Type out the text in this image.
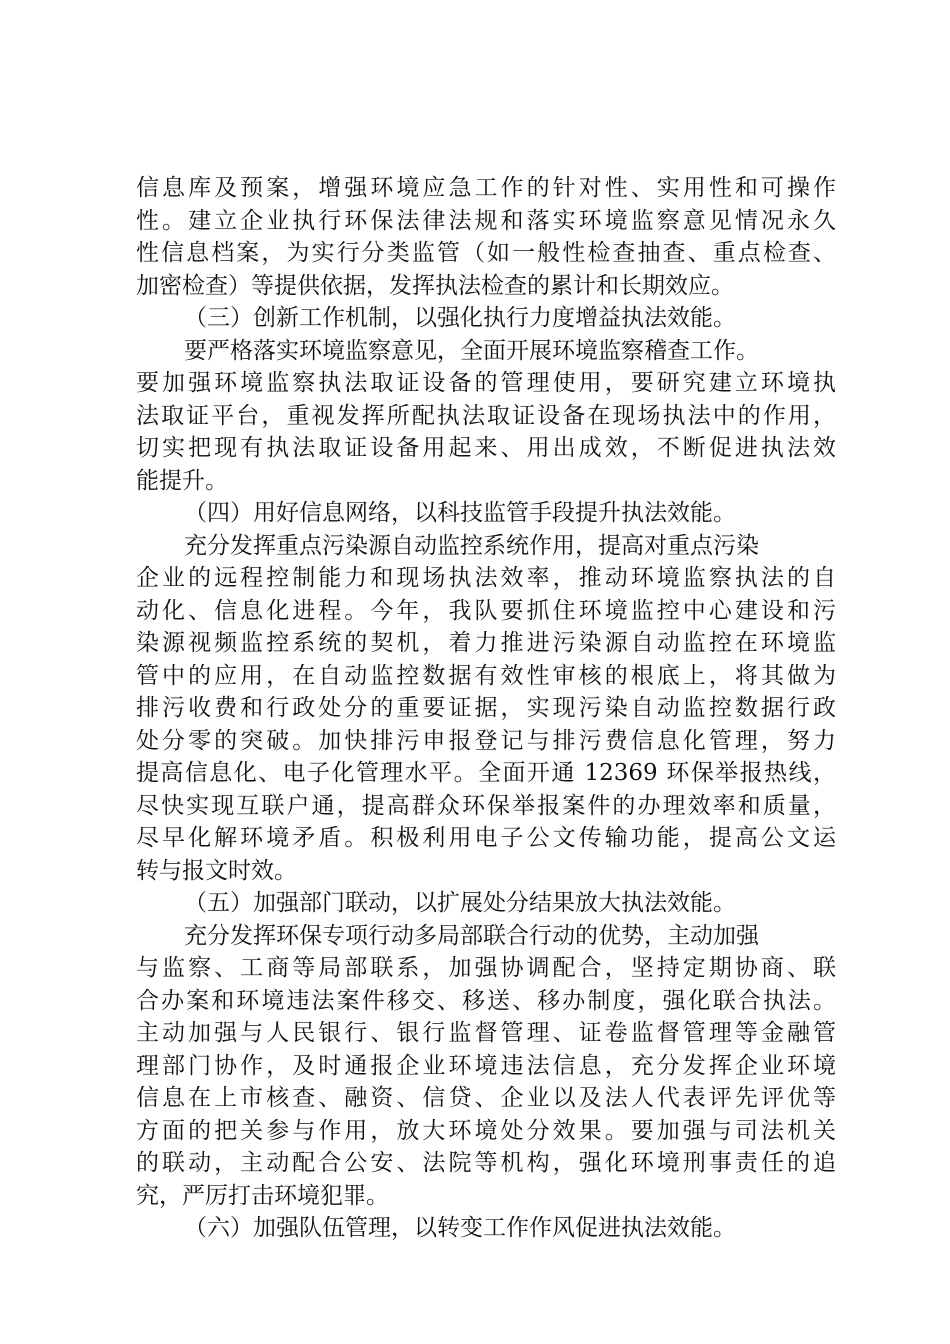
信息库及预案，增强环境应急工作的针对性、实用性和可操作
性。建立企业执行环保法律法规和落实环境监察意见情况永久
性信息档案，为实行分类监管（如一般性检查抽查、重点检查、
加密检查）等提供依据，发挥执法检查的累计和长期效应。
（三）创新工作机制，以强化执行力度增益执法效能。
要严格落实环境监察意见，全面开展环境监察稽查工作。
要加强环境监察执法取证设备的管理使用，要研究建立环境执
法取证平台，重视发挥所配执法取证设备在现场执法中的作用，
切实把现有执法取证设备用起来、用出成效，不断促进执法效
能提升。
（四）用好信息网络，以科技监管手段提升执法效能。
充分发挥重点污染源自动监控系统作用，提高对重点污染
企业的远程控制能力和现场执法效率，推动环境监察执法的自
动化、信息化进程。今年，我队要抓住环境监控中心建设和污
染源视频监控系统的契机，着力推进污染源自动监控在环境监
管中的应用，在自动监控数据有效性审核的根底上，将其做为
排污收费和行政处分的重要证据，实现污染自动监控数据行政
处分零的突破。加快排污申报登记与排污费信息化管理，努力
提高信息化、电子化管理水平。全面开通 12369 环保举报热线，
尽快实现互联户通，提高群众环保举报案件的办理效率和质量，
尽早化解环境矛盾。积极利用电子公文传输功能，提高公文运
转与报文时效。
（五）加强部门联动，以扩展处分结果放大执法效能。
充分发挥环保专项行动多局部联合行动的优势，主动加强
与监察、工商等局部联系，加强协调配合，坚持定期协商、联
合办案和环境违法案件移交、移送、移办制度，强化联合执法。
主动加强与人民银行、银行监督管理、证卷监督管理等金融管
理部门协作，及时通报企业环境违法信息，充分发挥企业环境
信息在上市核查、融资、信贷、企业以及法人代表评先评优等
方面的把关参与作用，放大环境处分效果。要加强与司法机关
的联动，主动配合公安、法院等机构，强化环境刑事责任的追
究，严厉打击环境犯罪。
（六）加强队伍管理，以转变工作作风促进执法效能。
